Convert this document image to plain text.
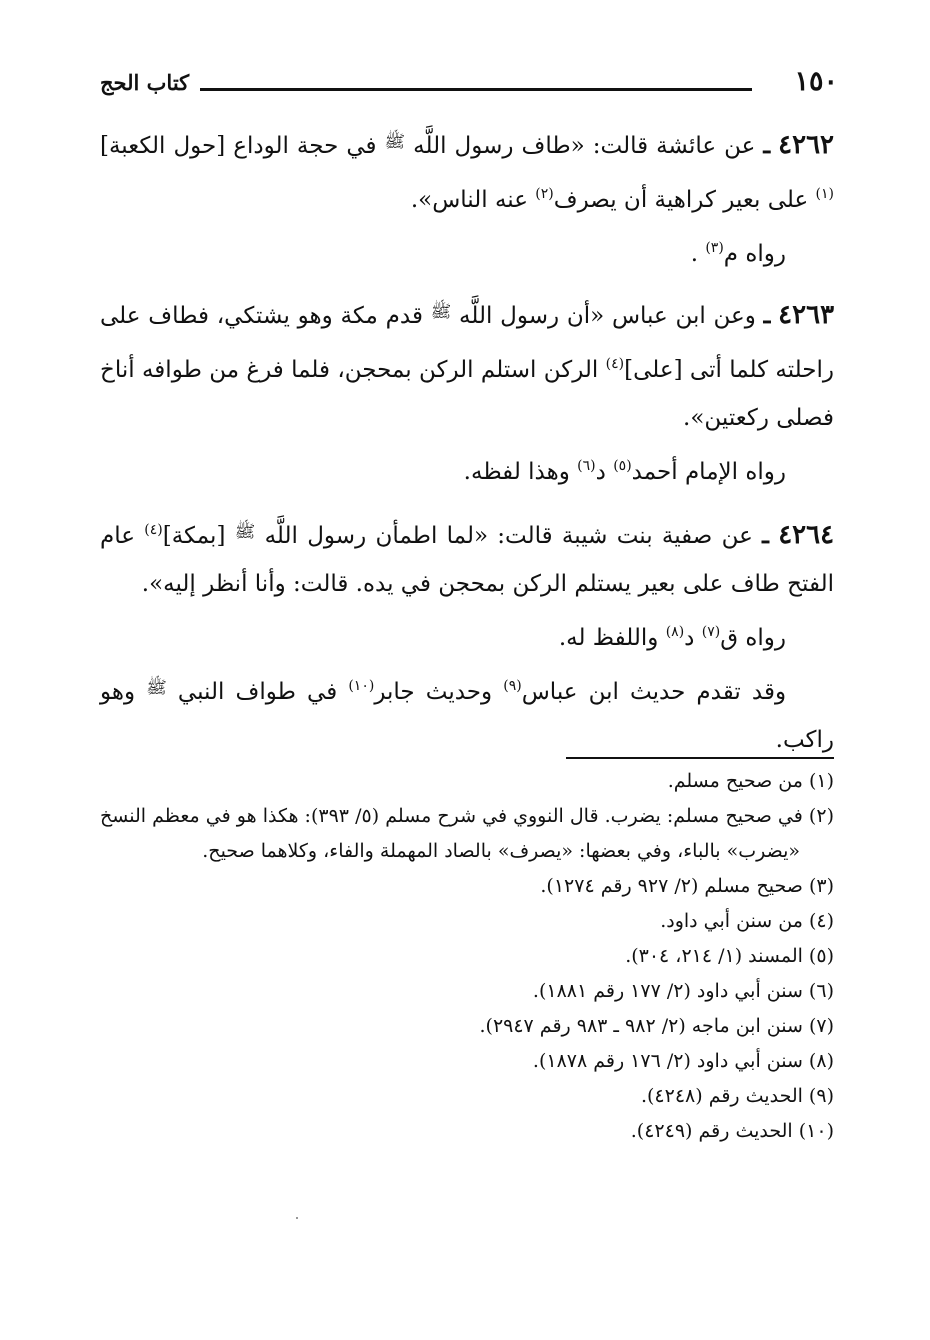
١٥٠
كتاب الحج

٤٢٦٢ ـ عن عائشة قالت: «طاف رسول اللَّه $^ﷺ$ في حجة الوداع [حول الكعبة]$^{(١)}$ على بعير كراهية أن يصرف$^{(٢)}$ عنه الناس».

رواه م$^{(٣)}$ .

٤٢٦٣ ـ وعن ابن عباس «أن رسول اللَّه $^ﷺ$ قدم مكة وهو يشتكي، فطاف على راحلته كلما أتى [على]$^{(٤)}$ الركن استلم الركن بمحجن، فلما فرغ من طوافه أناخ فصلى ركعتين».

رواه الإمام أحمد$^{(٥)}$ د$^{(٦)}$ وهذا لفظه.

٤٢٦٤ ـ عن صفية بنت شيبة قالت: «لما اطمأن رسول اللَّه $^ﷺ$ [بمكة]$^{(٤)}$ عام الفتح طاف على بعير يستلم الركن بمحجن في يده. قالت: وأنا أنظر إليه».

رواه ق$^{(٧)}$ د$^{(٨)}$ واللفظ له.

وقد تقدم حديث ابن عباس$^{(٩)}$ وحديث جابر$^{(١٠)}$ في طواف النبي $^ﷺ$ وهو راكب.

(١) من صحيح مسلم.

(٢) في صحيح مسلم: يضرب. قال النووي في شرح مسلم (٥/ ٣٩٣): هكذا هو في معظم النسخ «يضرب» بالباء، وفي بعضها: «يصرف» بالصاد المهملة والفاء، وكلاهما صحيح.

(٣) صحيح مسلم (٢/ ٩٢٧ رقم ١٢٧٤).

(٤) من سنن أبي داود.

(٥) المسند (١/ ٢١٤، ٣٠٤).

(٦) سنن أبي داود (٢/ ١٧٧ رقم ١٨٨١).

(٧) سنن ابن ماجه (٢/ ٩٨٢ ـ ٩٨٣ رقم ٢٩٤٧).

(٨) سنن أبي داود (٢/ ١٧٦ رقم ١٨٧٨).

(٩) الحديث رقم (٤٢٤٨).

(١٠) الحديث رقم (٤٢٤٩).
